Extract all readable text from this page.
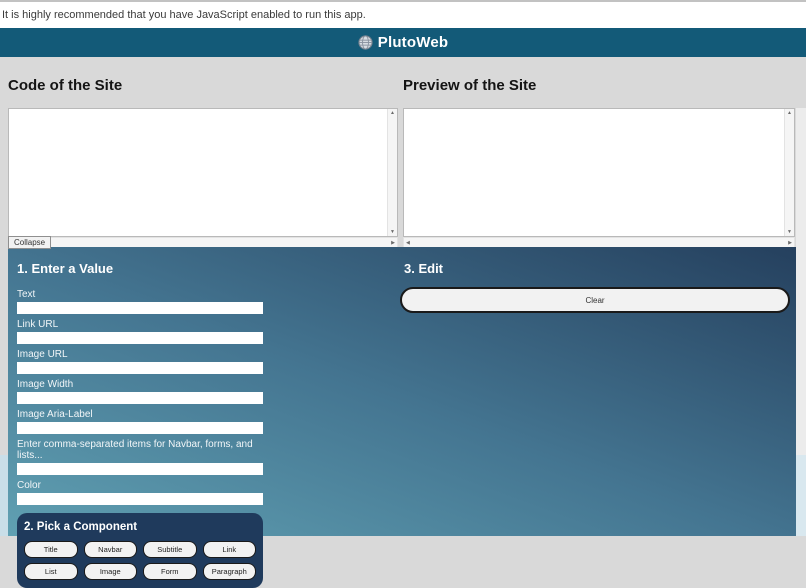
It is highly recommended that you have JavaScript enabled to run this app.
PlutoWeb
Code of the Site	Preview of the Site
▲
▼
▶
Collapse
▲
▼
◀	▶
1. Enter a Value
Text
Link URL
Image URL
Image Width
Image Aria-Label
Enter comma-separated items for Navbar, forms, and lists...
Color
2. Pick a Component
Title	Navbar	Subtitle	Link
List	Image	Form	Paragraph
3. Edit
Clear
